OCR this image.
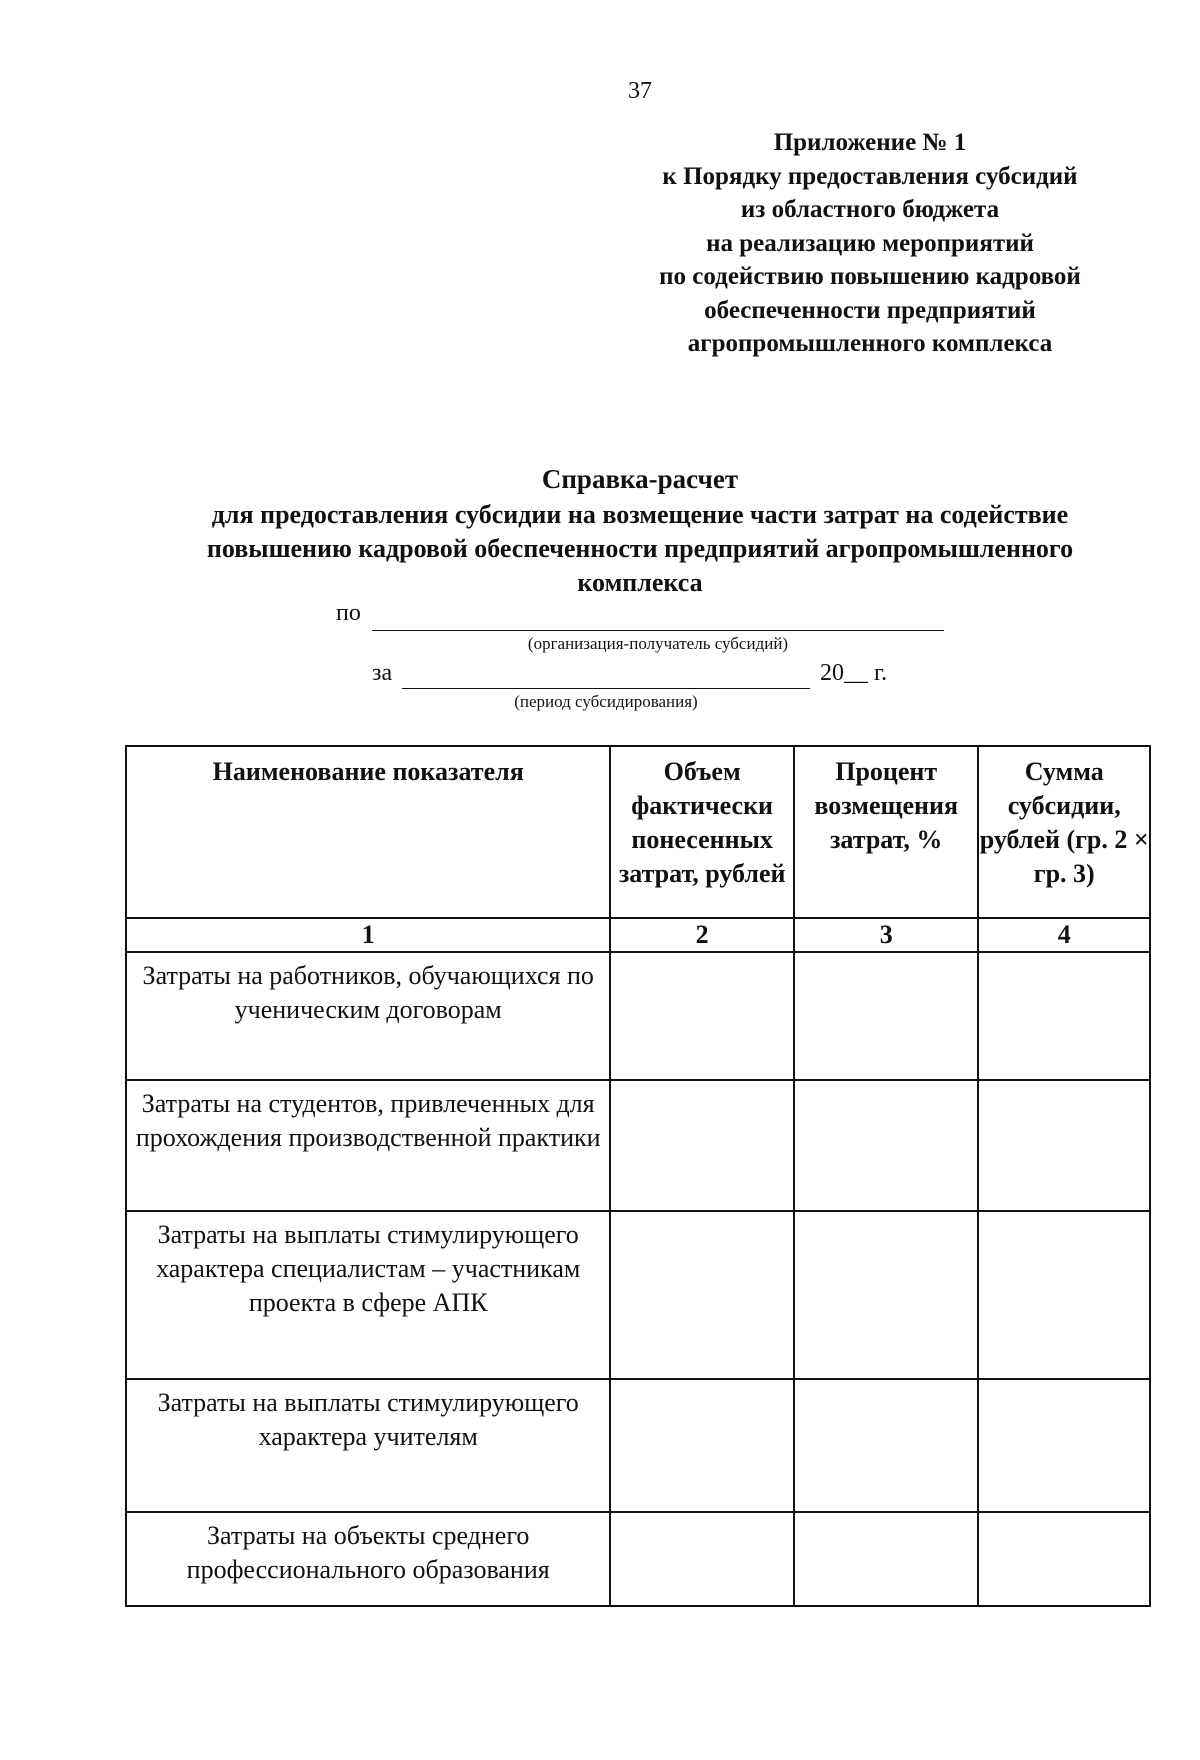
37
Приложение № 1
к Порядку предоставления субсидий
из областного бюджета
на реализацию мероприятий
по содействию повышению кадровой
обеспеченности предприятий
агропромышленного комплекса
Справка-расчет
для предоставления субсидии на возмещение части затрат на содействие
повышению кадровой обеспеченности предприятий агропромышленного
комплекса
по
(организация-получатель субсидий)
за	20__ г.
(период субсидирования)
Наименование показателя	Объем фактически понесенных затрат, рублей	Процент возмещения затрат, %	Сумма субсидии, рублей (гр. 2 × гр. 3)
1	2	3	4
Затраты на работников, обучающихся по ученическим договорам			
Затраты на студентов, привлеченных для прохождения производственной практики			
Затраты на выплаты стимулирующего характера специалистам – участникам проекта в сфере АПК			
Затраты на выплаты стимулирующего характера учителям			
Затраты на объекты среднего профессионального образования			
